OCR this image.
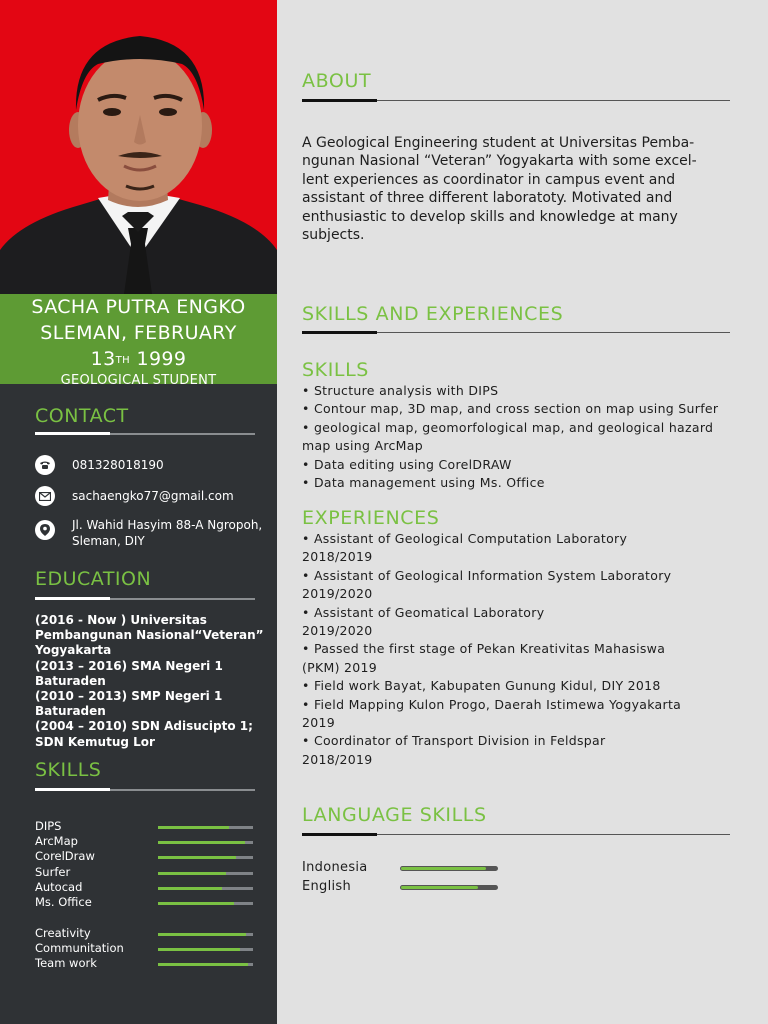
SACHA PUTRA ENGKO
SLEMAN, FEBRUARY
13TH 1999
GEOLOGICAL STUDENT
CONTACT
081328018190
sachaengko77@gmail.com
Jl. Wahid Hasyim 88-A Ngropoh,
Sleman, DIY
EDUCATION
(2016 - Now ) Universitas
Pembangunan Nasional“Veteran”
Yogyakarta
(2013 – 2016) SMA Negeri 1
Baturaden
(2010 – 2013) SMP Negeri 1
Baturaden
(2004 – 2010) SDN Adisucipto 1;
SDN Kemutug Lor
SKILLS
DIPS
ArcMap
CorelDraw
Surfer
Autocad
Ms. Office
Creativity
Communitation
Team work
ABOUT
A Geological Engineering student at Universitas Pemba-
ngunan Nasional “Veteran” Yogyakarta with some excel-
lent experiences as coordinator in campus event and
assistant of three different laboratoty. Motivated and
enthusiastic to develop skills and knowledge at many
subjects.
SKILLS AND EXPERIENCES
SKILLS
• Structure analysis with DIPS
• Contour map, 3D map, and cross section on map using Surfer
• geological map, geomorfological map, and geological hazard
map using ArcMap
• Data editing using CorelDRAW
• Data management using Ms. Office
EXPERIENCES
• Assistant of Geological Computation Laboratory
2018/2019
• Assistant of Geological Information System Laboratory
2019/2020
• Assistant of Geomatical Laboratory
2019/2020
• Passed the first stage of Pekan Kreativitas Mahasiswa
(PKM) 2019
• Field work Bayat, Kabupaten Gunung Kidul, DIY 2018
• Field Mapping Kulon Progo, Daerah Istimewa Yogyakarta
2019
• Coordinator of Transport Division in Feldspar
2018/2019
LANGUAGE SKILLS
Indonesia
English
